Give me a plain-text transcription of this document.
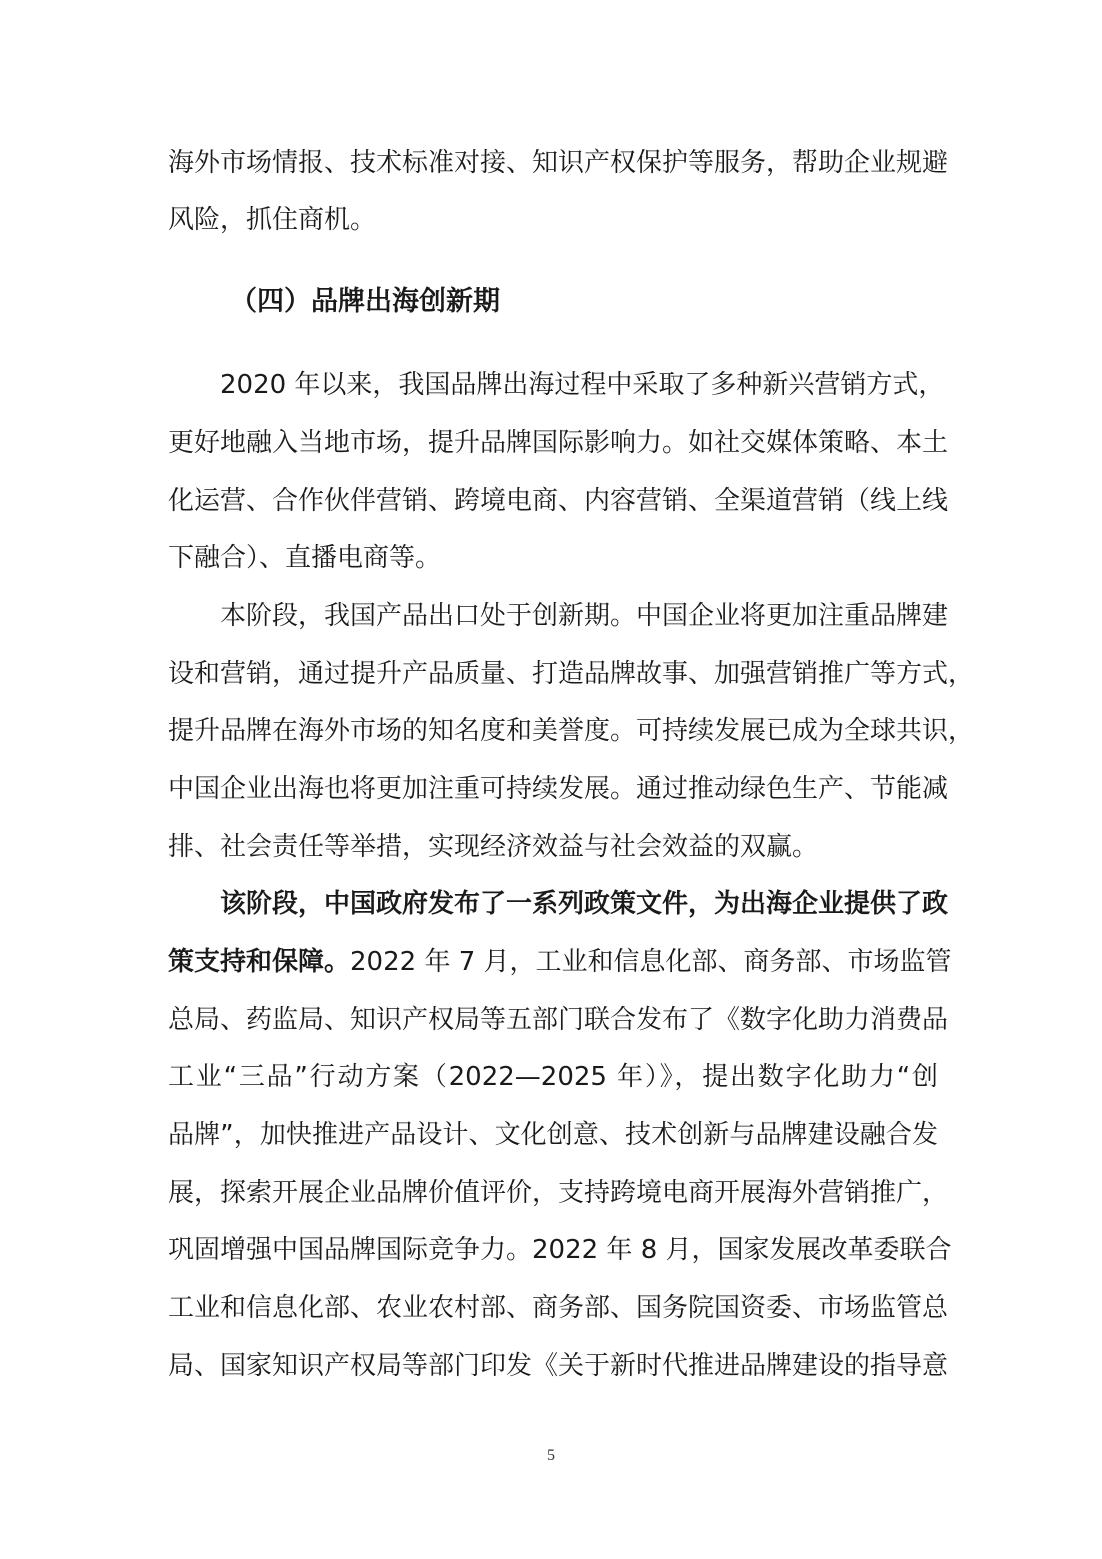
海外市场情报、技术标准对接、知识产权保护等服务，帮助企业规避
风险，抓住商机。
（四）品牌出海创新期
2020 年以来，我国品牌出海过程中采取了多种新兴营销方式，
更好地融入当地市场，提升品牌国际影响力。如社交媒体策略、本土
化运营、合作伙伴营销、跨境电商、内容营销、全渠道营销（线上线
下融合）、直播电商等。
本阶段，我国产品出口处于创新期。中国企业将更加注重品牌建
设和营销，通过提升产品质量、打造品牌故事、加强营销推广等方式，
提升品牌在海外市场的知名度和美誉度。可持续发展已成为全球共识，
中国企业出海也将更加注重可持续发展。通过推动绿色生产、节能减
排、社会责任等举措，实现经济效益与社会效益的双赢。
该阶段，中国政府发布了一系列政策文件，为出海企业提供了政
策支持和保障。2022 年 7 月，工业和信息化部、商务部、市场监管
总局、药监局、知识产权局等五部门联合发布了《数字化助力消费品
工业“三品”行动方案（2022—2025 年）》，提出数字化助力“创
品牌”，加快推进产品设计、文化创意、技术创新与品牌建设融合发
展，探索开展企业品牌价值评价，支持跨境电商开展海外营销推广，
巩固增强中国品牌国际竞争力。2022 年 8 月，国家发展改革委联合
工业和信息化部、农业农村部、商务部、国务院国资委、市场监管总
局、国家知识产权局等部门印发《关于新时代推进品牌建设的指导意
5
